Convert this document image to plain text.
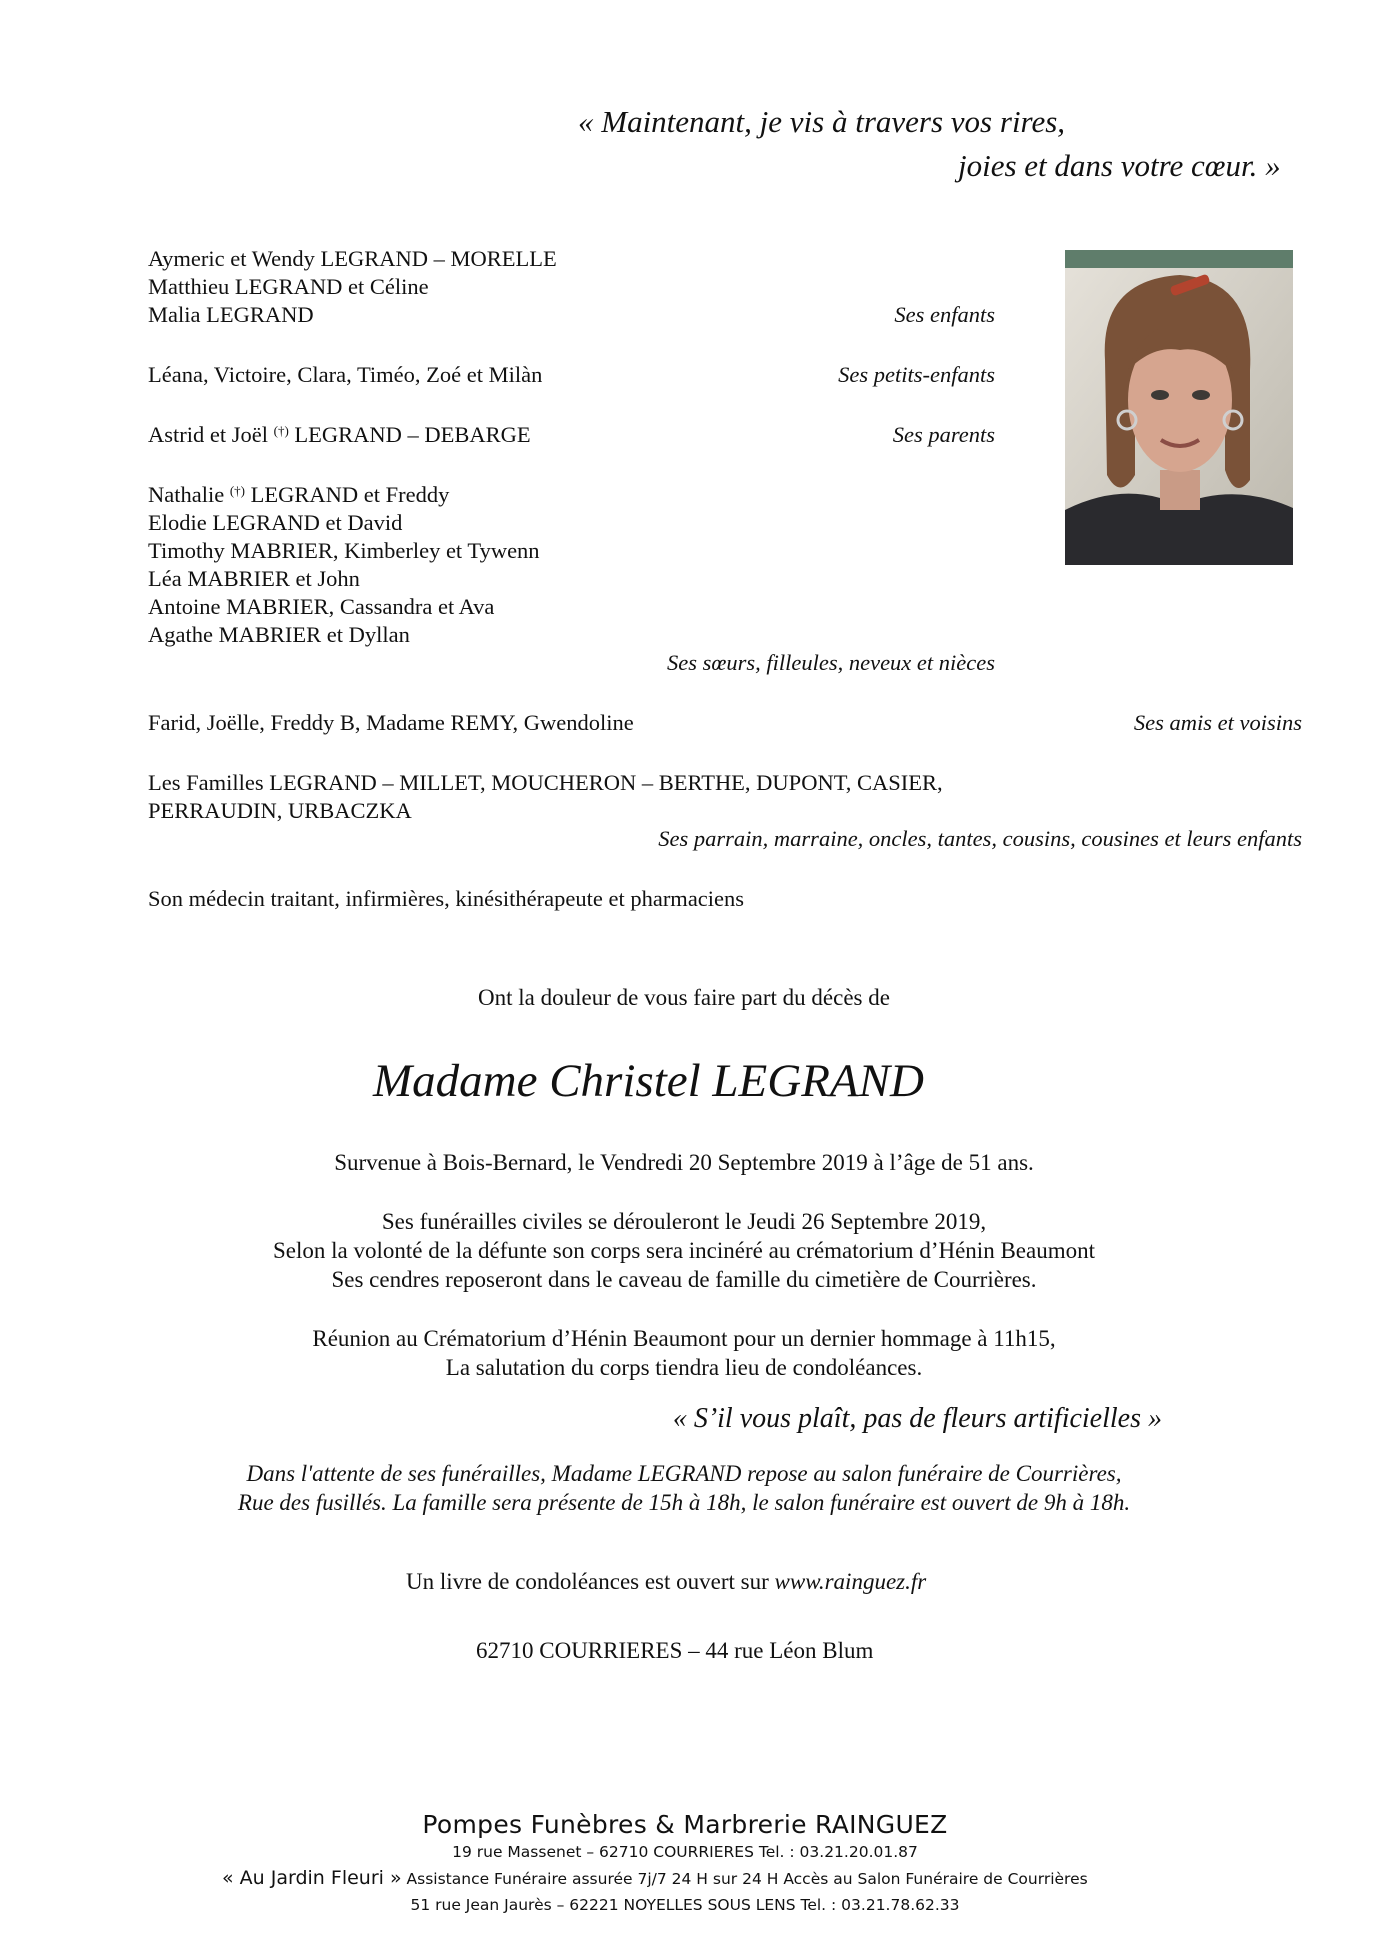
« Maintenant, je vis à travers vos rires,
joies et dans votre cœur. »
Aymeric et Wendy LEGRAND – MORELLE
Matthieu LEGRAND et Céline
Malia LEGRAND	Ses enfants
Léana, Victoire, Clara, Timéo, Zoé et Milàn	Ses petits-enfants
Astrid et Joël (†) LEGRAND – DEBARGE	Ses parents
Nathalie (†) LEGRAND et Freddy
Elodie LEGRAND et David
Timothy MABRIER, Kimberley et Tywenn
Léa MABRIER et John
Antoine MABRIER, Cassandra et Ava
Agathe MABRIER et Dyllan
Ses sœurs, filleules, neveux et nièces
Farid, Joëlle, Freddy B, Madame REMY, Gwendoline	Ses amis et voisins
Les Familles LEGRAND – MILLET, MOUCHERON – BERTHE, DUPONT, CASIER,
PERRAUDIN, URBACZKA
Ses parrain, marraine, oncles, tantes, cousins, cousines et leurs enfants
Son médecin traitant, infirmières, kinésithérapeute et pharmaciens
Ont la douleur de vous faire part du décès de
Madame Christel LEGRAND
Survenue à Bois-Bernard, le Vendredi 20 Septembre 2019 à l’âge de 51 ans.
Ses funérailles civiles se dérouleront le Jeudi 26 Septembre 2019,
Selon la volonté de la défunte son corps sera incinéré au crématorium d’Hénin Beaumont
Ses cendres reposeront dans le caveau de famille du cimetière de Courrières.
Réunion au Crématorium d’Hénin Beaumont pour un dernier hommage à 11h15,
La salutation du corps tiendra lieu de condoléances.
« S’il vous plaît, pas de fleurs artificielles »
Dans l'attente de ses funérailles, Madame LEGRAND repose au salon funéraire de Courrières,
Rue des fusillés. La famille sera présente de 15h à 18h, le salon funéraire est ouvert de 9h à 18h.
Un livre de condoléances est ouvert sur www.rainguez.fr
62710 COURRIERES – 44 rue Léon Blum
Pompes Funèbres & Marbrerie RAINGUEZ
19 rue Massenet – 62710 COURRIERES Tel. : 03.21.20.01.87
« Au Jardin Fleuri » Assistance Funéraire assurée 7j/7 24 H sur 24 H Accès au Salon Funéraire de Courrières
51 rue Jean Jaurès – 62221 NOYELLES SOUS LENS Tel. : 03.21.78.62.33
